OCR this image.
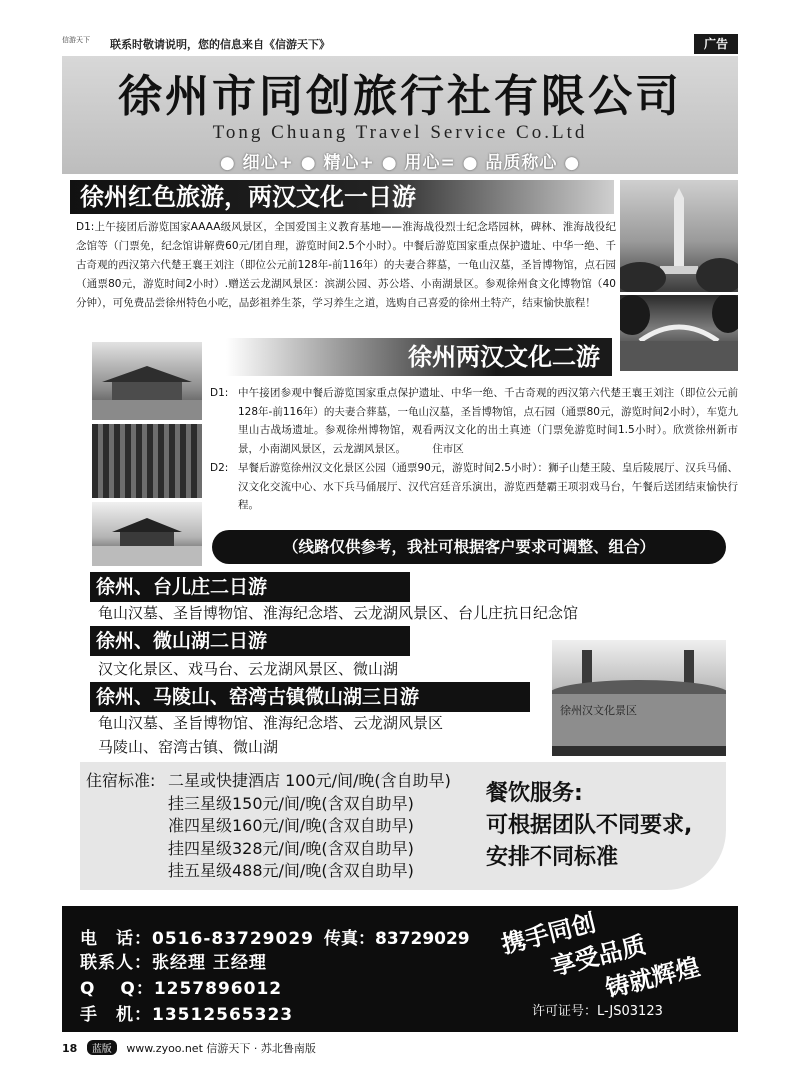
信游天下	联系时敬请说明，您的信息来自《信游天下》	广告
徐州市同创旅行社有限公司
Tong Chuang Travel Service Co.Ltd
● 细心+ ● 精心+ ● 用心= ● 品质称心 ●
徐州红色旅游，两汉文化一日游
D1:上午接团后游览国家AAAA级风景区，全国爱国主义教育基地——淮海战役烈士纪念塔园林，碑林、淮海战役纪念馆等（门票免，纪念馆讲解费60元/团自理，游览时间2.5个小时）。中餐后游览国家重点保护遗址、中华一绝、千古奇观的西汉第六代楚王襄王刘注（即位公元前128年-前116年）的夫妻合葬墓，一龟山汉墓，圣旨博物馆，点石园（通票80元，游览时间2小时）.赠送云龙湖风景区：滨湖公园、苏公塔、小南湖景区。参观徐州食文化博物馆（40分钟），可免费品尝徐州特色小吃，品彭祖养生茶，学习养生之道，选购自己喜爱的徐州土特产，结束愉快旅程！
徐州两汉文化二游
D1: 中午接团参观中餐后游览国家重点保护遗址、中华一绝、千古奇观的西汉第六代楚王襄王刘注（即位公元前128年-前116年）的夫妻合葬墓，一龟山汉墓，圣旨博物馆，点石园（通票80元，游览时间2小时），车览九里山古战场遗址。参观徐州博物馆，观看两汉文化的出土真迹（门票免游览时间1.5小时）。欣赏徐州新市景，小南湖风景区，云龙湖风景区。　　　住市区
D2: 早餐后游览徐州汉文化景区公园（通票90元，游览时间2.5小时）：狮子山楚王陵、皇后陵展厅、汉兵马俑、汉文化交流中心、水下兵马俑展厅、汉代宫廷音乐演出，游览西楚霸王项羽戏马台，午餐后送团结束愉快行程。
（线路仅供参考，我社可根据客户要求可调整、组合）
徐州、台儿庄二日游
龟山汉墓、圣旨博物馆、淮海纪念塔、云龙湖风景区、台儿庄抗日纪念馆
徐州、微山湖二日游
汉文化景区、戏马台、云龙湖风景区、微山湖
徐州、马陵山、窑湾古镇微山湖三日游
龟山汉墓、圣旨博物馆、淮海纪念塔、云龙湖风景区
马陵山、窑湾古镇、微山湖
徐州汉文化景区
住宿标准: 二星或快捷酒店 100元/间/晚(含自助早)
挂三星级150元/间/晚(含双自助早)
准四星级160元/间/晚(含双自助早)
挂四星级328元/间/晚(含双自助早)
挂五星级488元/间/晚(含双自助早)
餐饮服务:
可根据团队不同要求,
安排不同标准
电　话：0516-83729029 传真：83729029
联系人：张经理 王经理
Q　 Q：1257896012
手　机：13512565323
携手同创
享受品质
铸就辉煌
许可证号：L-JS03123
18 蓝版 www.zyoo.net 信游天下 · 苏北鲁南版
